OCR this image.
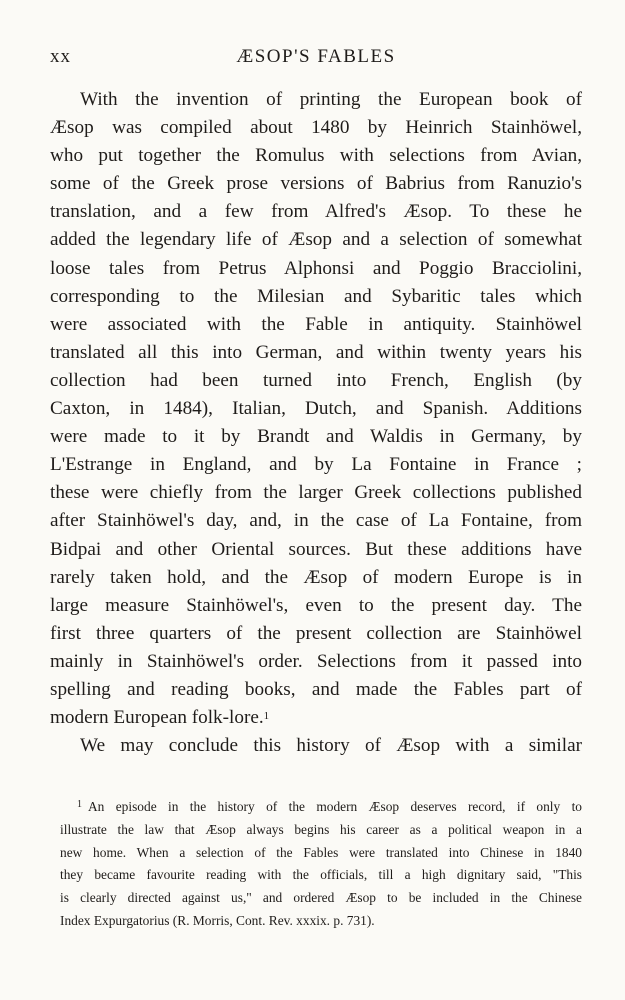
xx	ÆSOP'S FABLES
With the invention of printing the European book of
Æsop was compiled about 1480 by Heinrich Stainhöwel,
who put together the Romulus with selections from Avian,
some of the Greek prose versions of Babrius from Ranuzio's
translation, and a few from Alfred's Æsop. To these he
added the legendary life of Æsop and a selection of somewhat
loose tales from Petrus Alphonsi and Poggio Bracciolini,
corresponding to the Milesian and Sybaritic tales which
were associated with the Fable in antiquity. Stainhöwel
translated all this into German, and within twenty years his
collection had been turned into French, English (by
Caxton, in 1484), Italian, Dutch, and Spanish. Additions
were made to it by Brandt and Waldis in Germany, by
L'Estrange in England, and by La Fontaine in France ;
these were chiefly from the larger Greek collections published
after Stainhöwel's day, and, in the case of La Fontaine, from
Bidpai and other Oriental sources. But these additions have
rarely taken hold, and the Æsop of modern Europe is in
large measure Stainhöwel's, even to the present day. The
first three quarters of the present collection are Stainhöwel
mainly in Stainhöwel's order. Selections from it passed into
spelling and reading books, and made the Fables part of
modern European folk-lore.$^1$
We may conclude this history of Æsop with a similar
$^1$ An episode in the history of the modern Æsop deserves record, if only to
illustrate the law that Æsop always begins his career as a political weapon in a
new home. When a selection of the Fables were translated into Chinese in 1840
they became favourite reading with the officials, till a high dignitary said, "This
is clearly directed against us," and ordered Æsop to be included in the Chinese
Index Expurgatorius (R. Morris, Cont. Rev. xxxix. p. 731).
